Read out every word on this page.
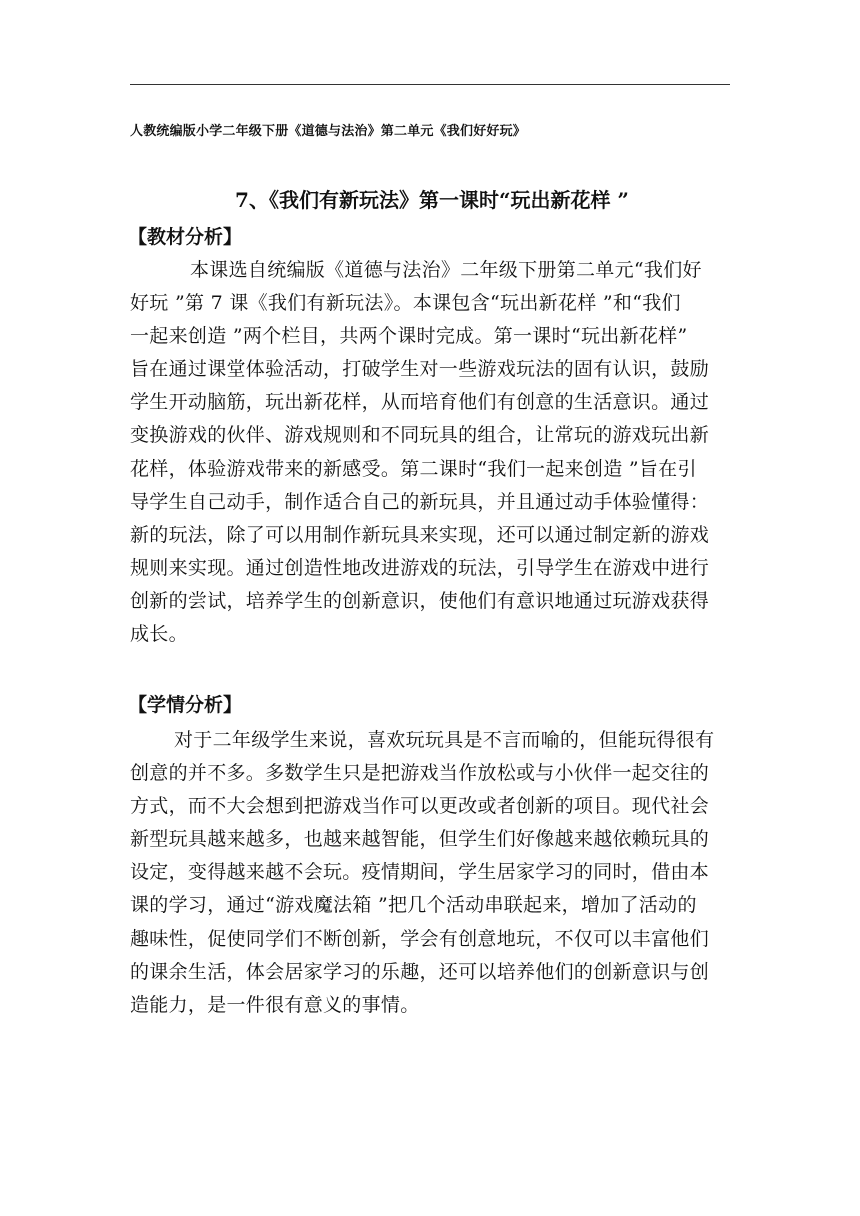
人教统编版小学二年级下册《道德与法治》第二单元《我们好好玩》
7、《我们有新玩法》第一课时“玩出新花样 ”
【教材分析】
本课选自统编版《道德与法治》二年级下册第二单元“我们好
好玩 ”第 7 课《我们有新玩法》。本课包含“玩出新花样 ”和“我们
一起来创造 ”两个栏目，共两个课时完成。第一课时“玩出新花样”
旨在通过课堂体验活动，打破学生对一些游戏玩法的固有认识，鼓励
学生开动脑筋，玩出新花样，从而培育他们有创意的生活意识。通过
变换游戏的伙伴、游戏规则和不同玩具的组合，让常玩的游戏玩出新
花样，体验游戏带来的新感受。第二课时“我们一起来创造 ”旨在引
导学生自己动手，制作适合自己的新玩具，并且通过动手体验懂得：
新的玩法，除了可以用制作新玩具来实现，还可以通过制定新的游戏
规则来实现。通过创造性地改进游戏的玩法，引导学生在游戏中进行
创新的尝试，培养学生的创新意识，使他们有意识地通过玩游戏获得
成长。
【学情分析】
对于二年级学生来说，喜欢玩玩具是不言而喻的，但能玩得很有
创意的并不多。多数学生只是把游戏当作放松或与小伙伴一起交往的
方式，而不大会想到把游戏当作可以更改或者创新的项目。现代社会
新型玩具越来越多，也越来越智能，但学生们好像越来越依赖玩具的
设定，变得越来越不会玩。疫情期间，学生居家学习的同时，借由本
课的学习，通过“游戏魔法箱 ”把几个活动串联起来，增加了活动的
趣味性，促使同学们不断创新，学会有创意地玩，不仅可以丰富他们
的课余生活，体会居家学习的乐趣，还可以培养他们的创新意识与创
造能力，是一件很有意义的事情。
